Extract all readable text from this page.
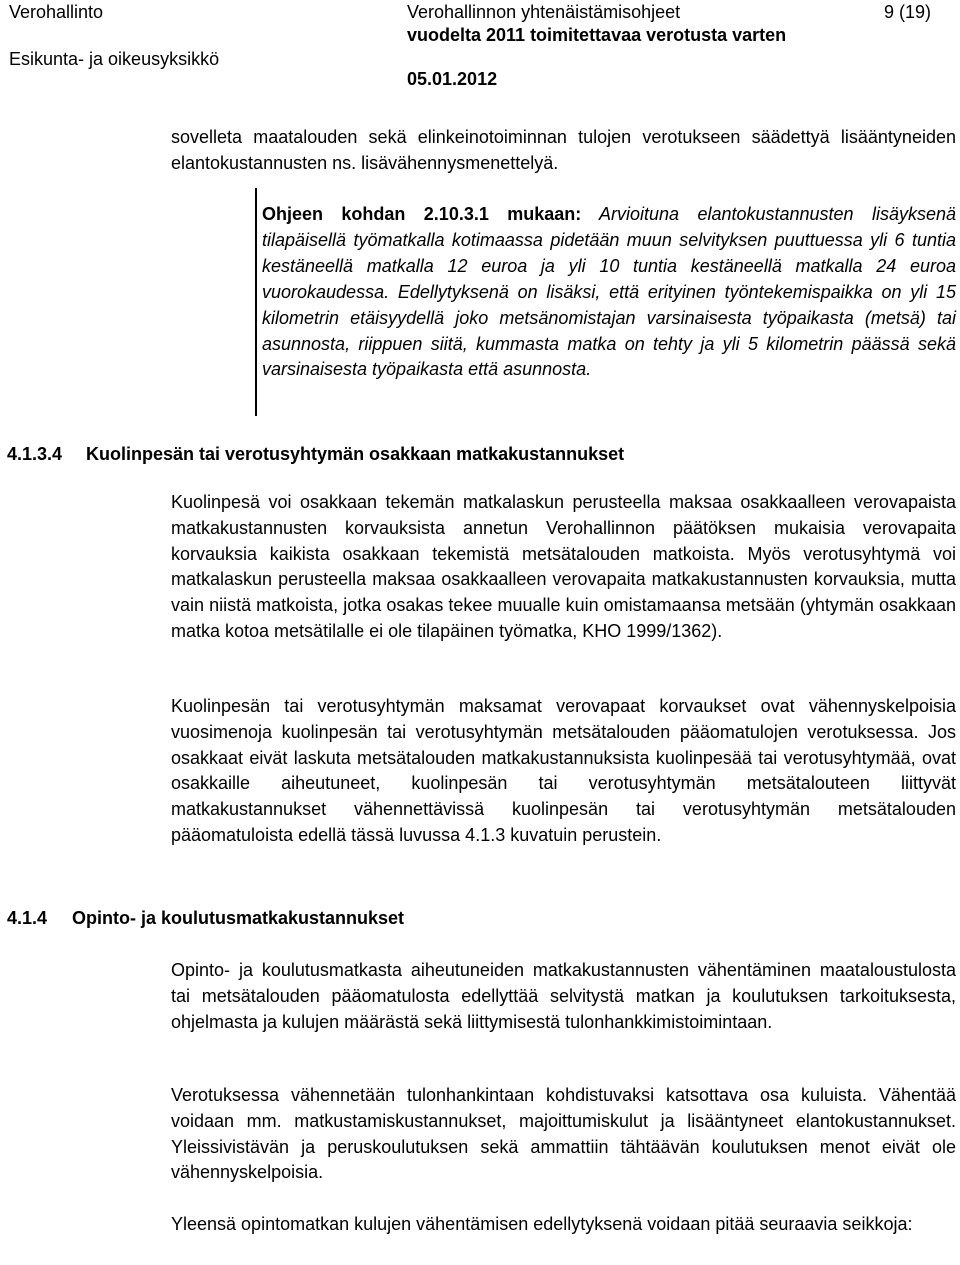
Verohallinto
Esikunta- ja oikeusyksikkö
Verohallinnon yhtenäistämisohjeet
vuodelta 2011 toimitettavaa verotusta varten
05.01.2012
9 (19)

sovelleta maatalouden sekä elinkeinotoiminnan tulojen verotukseen säädettyä lisääntyneiden elantokustannusten ns. lisävähennysmenettelyä.

Ohjeen kohdan 2.10.3.1 mukaan: Arvioituna elantokustannusten lisäyksenä tilapäisellä työmatkalla kotimaassa pidetään muun selvityksen puuttuessa yli 6 tuntia kestäneellä matkalla 12 euroa ja yli 10 tuntia kestäneellä matkalla 24 euroa vuorokaudessa. Edellytyksenä on lisäksi, että erityinen työntekemispaikka on yli 15 kilometrin etäisyydellä joko metsänomistajan varsinaisesta työpaikasta (metsä) tai asunnosta, riippuen siitä, kummasta matka on tehty ja yli 5 kilometrin päässä sekä varsinaisesta työpaikasta että asunnosta.

4.1.3.4 Kuolinpesän tai verotusyhtymän osakkaan matkakustannukset

Kuolinpesä voi osakkaan tekemän matkalaskun perusteella maksaa osakkaalleen verovapaista matkakustannusten korvauksista annetun Verohallinnon päätöksen mukaisia verovapaita korvauksia kaikista osakkaan tekemistä metsätalouden matkoista. Myös verotusyhtymä voi matkalaskun perusteella maksaa osakkaalleen verovapaita matkakustannusten korvauksia, mutta vain niistä matkoista, jotka osakas tekee muualle kuin omistamaansa metsään (yhtymän osakkaan matka kotoa metsätilalle ei ole tilapäinen työmatka, KHO 1999/1362).

Kuolinpesän tai verotusyhtymän maksamat verovapaat korvaukset ovat vähennyskelpoisia vuosimenoja kuolinpesän tai verotusyhtymän metsätalouden pääomatulojen verotuksessa. Jos osakkaat eivät laskuta metsätalouden matkakustannuksista kuolinpesää tai verotusyhtymää, ovat osakkaille aiheutuneet, kuolinpesän tai verotusyhtymän metsätalouteen liittyvät matkakustannukset vähennettävissä kuolinpesän tai verotusyhtymän metsätalouden pääomatuloista edellä tässä luvussa 4.1.3 kuvatuin perustein.

4.1.4 Opinto- ja koulutusmatkakustannukset

Opinto- ja koulutusmatkasta aiheutuneiden matkakustannusten vähentäminen maataloustulosta tai metsätalouden pääomatulosta edellyttää selvitystä matkan ja koulutuksen tarkoituksesta, ohjelmasta ja kulujen määrästä sekä liittymisestä tulonhankkimistoimintaan.

Verotuksessa vähennetään tulonhankintaan kohdistuvaksi katsottava osa kuluista. Vähentää voidaan mm. matkustamiskustannukset, majoittumiskulut ja lisääntyneet elantokustannukset. Yleissivistävän ja peruskoulutuksen sekä ammattiin tähtäävän koulutuksen menot eivät ole vähennyskelpoisia.

Yleensä opintomatkan kulujen vähentämisen edellytyksenä voidaan pitää seuraavia seikkoja:
